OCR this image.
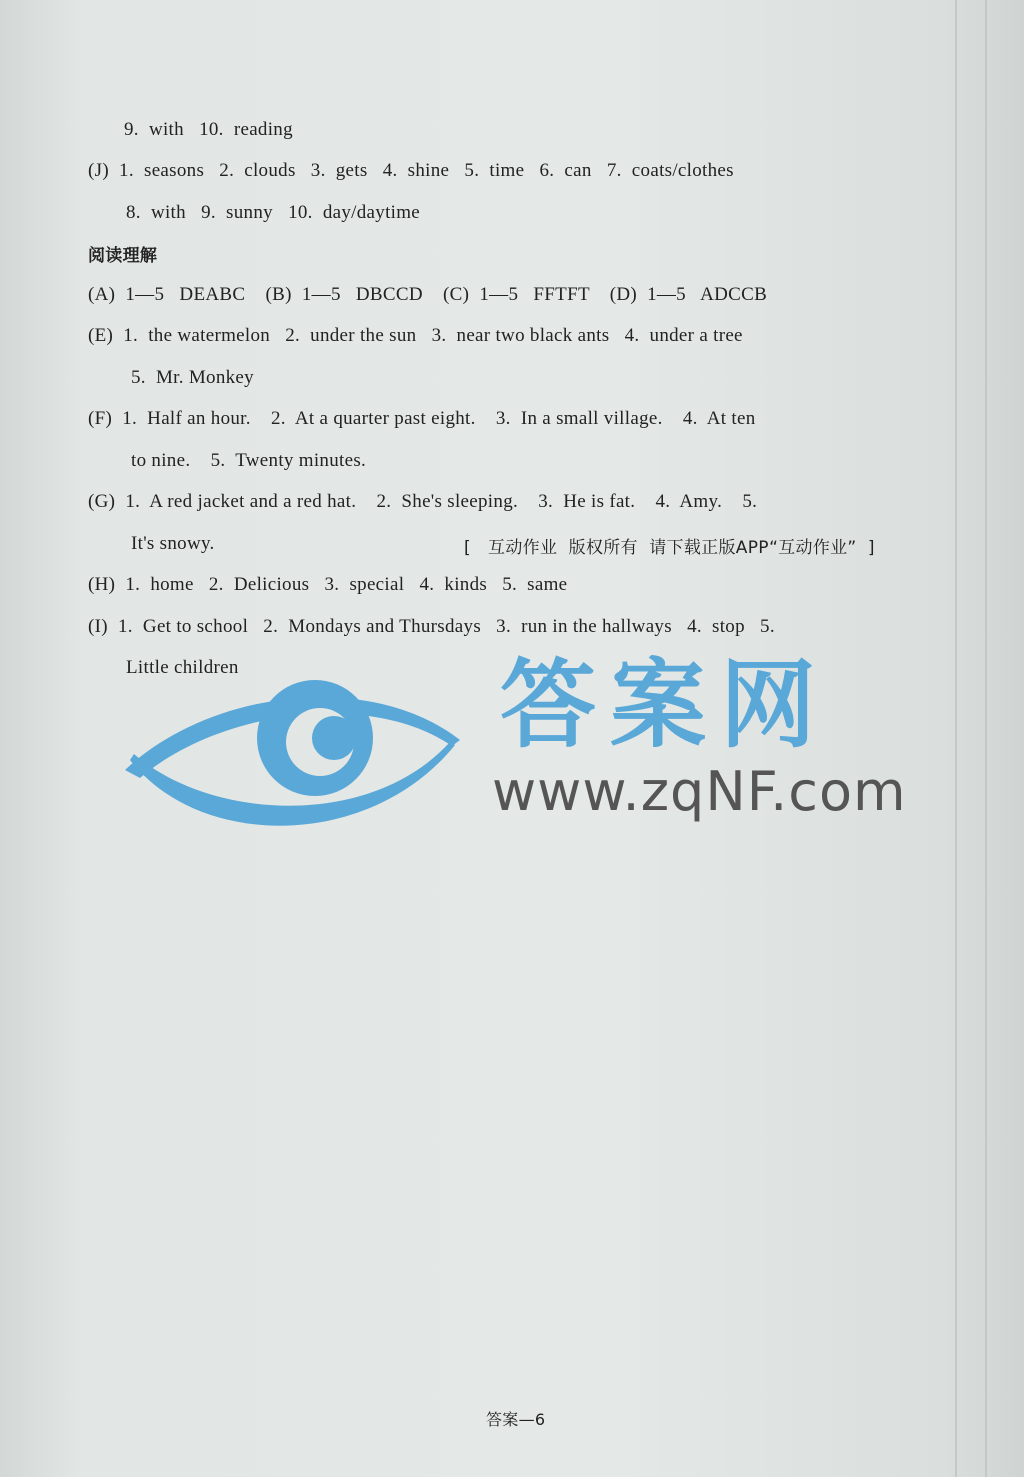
9.  with   10.  reading
(J)  1.  seasons   2.  clouds   3.  gets   4.  shine   5.  time   6.  can   7.  coats/clothes
8.  with   9.  sunny   10.  day/daytime
阅读理解
(A)  1—5   DEABC    (B)  1—5   DBCCD    (C)  1—5   FFTFT    (D)  1—5   ADCCB
(E)  1.  the watermelon   2.  under the sun   3.  near two black ants   4.  under a tree
5.  Mr. Monkey
(F)  1.  Half an hour.    2.  At a quarter past eight.    3.  In a small village.    4.  At ten
to nine.    5.  Twenty minutes.
(G)  1.  A red jacket and a red hat.    2.  She's sleeping.    3.  He is fat.    4.  Amy.    5.
It's snowy.	[   互动作业  版权所有  请下载正版APP“互动作业”  ]
(H)  1.  home   2.  Delicious   3.  special   4.  kinds   5.  same
(I)  1.  Get to school   2.  Mondays and Thursdays   3.  run in the hallways   4.  stop   5.
Little children	答案网
www.zqNF.com
答案—6
